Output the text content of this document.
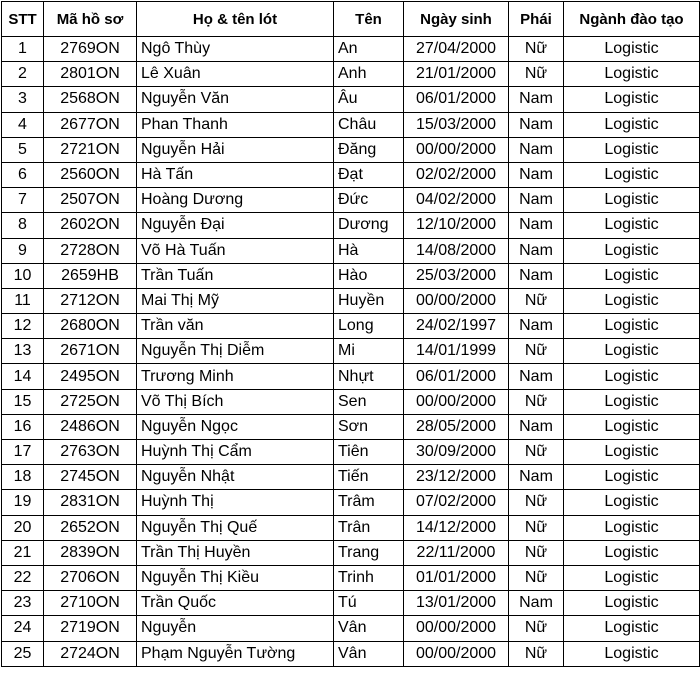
STT	Mã hồ sơ	Họ & tên lót	Tên	Ngày sinh	Phái	Ngành đào tạo
1	2769ON	Ngô Thùy	An	27/04/2000	Nữ	Logistic
2	2801ON	Lê Xuân	Anh	21/01/2000	Nữ	Logistic
3	2568ON	Nguyễn Văn	Âu	06/01/2000	Nam	Logistic
4	2677ON	Phan Thanh	Châu	15/03/2000	Nam	Logistic
5	2721ON	Nguyễn Hải	Đăng	00/00/2000	Nam	Logistic
6	2560ON	Hà Tấn	Đạt	02/02/2000	Nam	Logistic
7	2507ON	Hoàng Dương	Đức	04/02/2000	Nam	Logistic
8	2602ON	Nguyễn Đại	Dương	12/10/2000	Nam	Logistic
9	2728ON	Võ Hà Tuấn	Hà	14/08/2000	Nam	Logistic
10	2659HB	Trần Tuấn	Hào	25/03/2000	Nam	Logistic
11	2712ON	Mai Thị Mỹ	Huyền	00/00/2000	Nữ	Logistic
12	2680ON	Trần văn	Long	24/02/1997	Nam	Logistic
13	2671ON	Nguyễn Thị Diễm	Mi	14/01/1999	Nữ	Logistic
14	2495ON	Trương Minh	Nhựt	06/01/2000	Nam	Logistic
15	2725ON	Võ Thị Bích	Sen	00/00/2000	Nữ	Logistic
16	2486ON	Nguyễn Ngọc	Sơn	28/05/2000	Nam	Logistic
17	2763ON	Huỳnh Thị Cẩm	Tiên	30/09/2000	Nữ	Logistic
18	2745ON	Nguyễn Nhật	Tiến	23/12/2000	Nam	Logistic
19	2831ON	Huỳnh Thị	Trâm	07/02/2000	Nữ	Logistic
20	2652ON	Nguyễn Thị Quế	Trân	14/12/2000	Nữ	Logistic
21	2839ON	Trần Thị Huyền	Trang	22/11/2000	Nữ	Logistic
22	2706ON	Nguyễn Thị Kiều	Trinh	01/01/2000	Nữ	Logistic
23	2710ON	Trần Quốc	Tú	13/01/2000	Nam	Logistic
24	2719ON	Nguyễn	Vân	00/00/2000	Nữ	Logistic
25	2724ON	Phạm Nguyễn Tường	Vân	00/00/2000	Nữ	Logistic
